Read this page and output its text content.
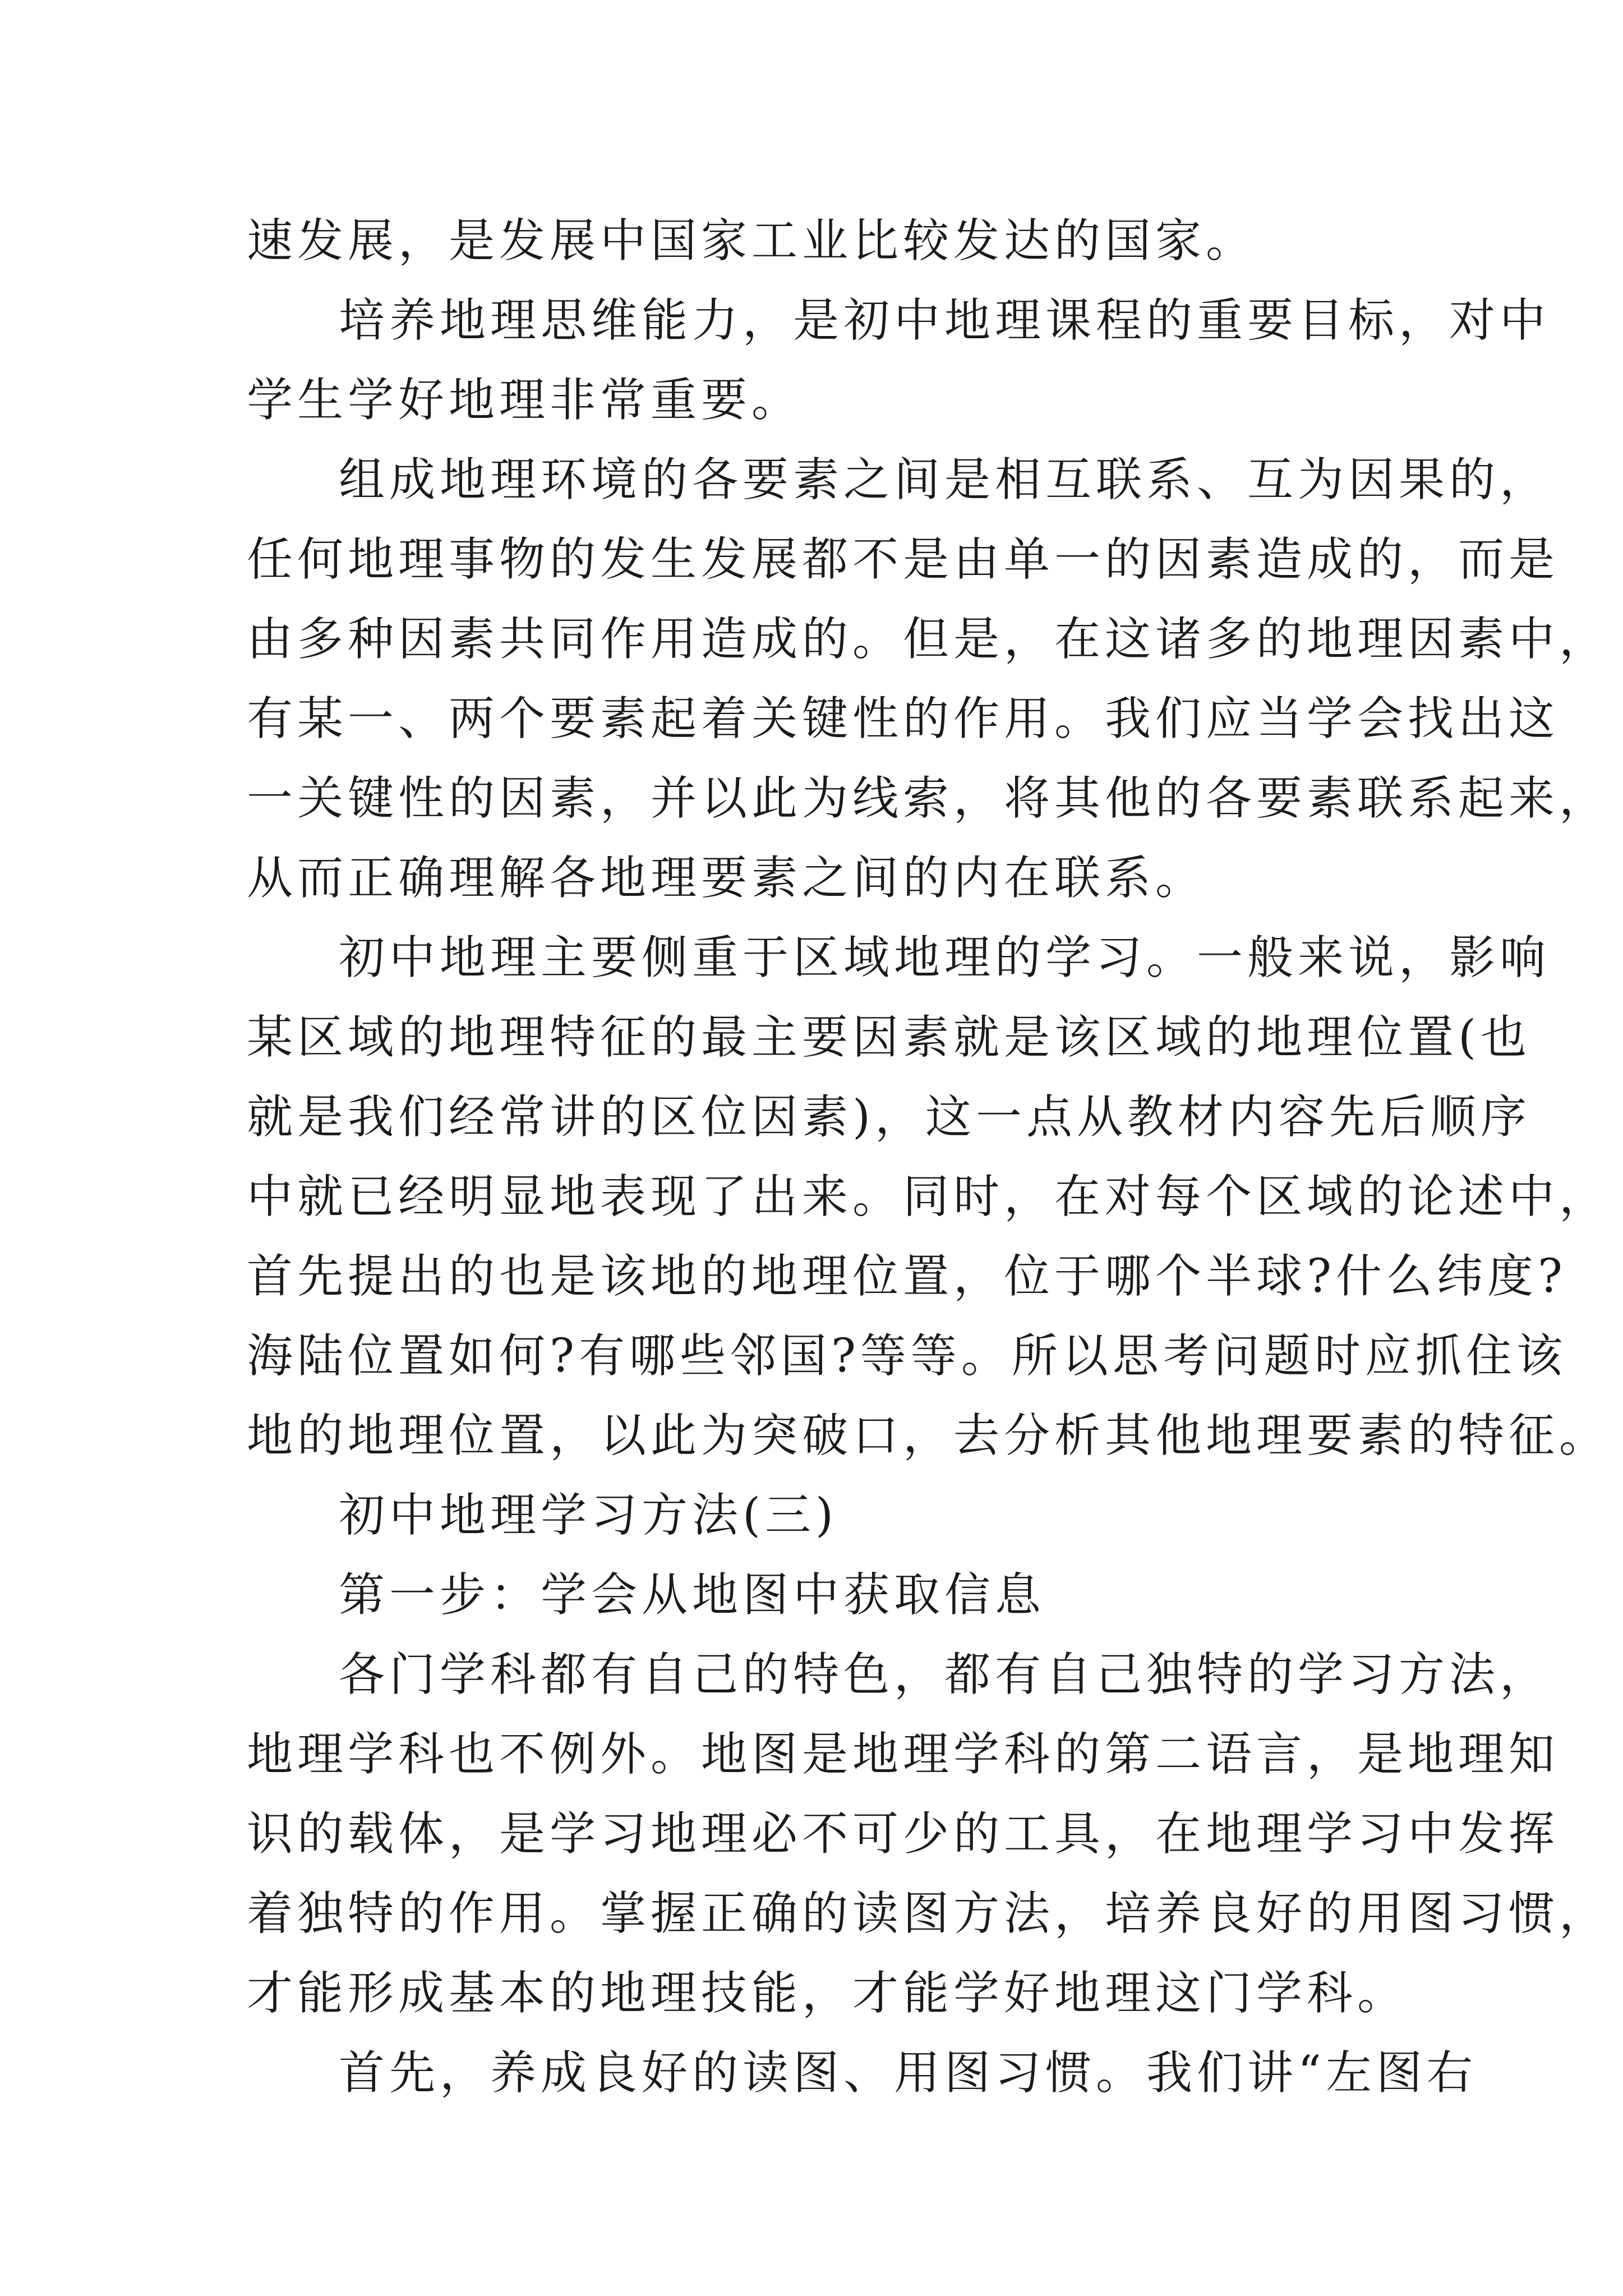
速发展，是发展中国家工业比较发达的国家。

培养地理思维能力，是初中地理课程的重要目标，对中

学生学好地理非常重要。

组成地理环境的各要素之间是相互联系、互为因果的，

任何地理事物的发生发展都不是由单一的因素造成的，而是

由多种因素共同作用造成的。但是，在这诸多的地理因素中，

有某一、两个要素起着关键性的作用。我们应当学会找出这

一关键性的因素，并以此为线索，将其他的各要素联系起来，

从而正确理解各地理要素之间的内在联系。

初中地理主要侧重于区域地理的学习。一般来说，影响

某区域的地理特征的最主要因素就是该区域的地理位置(也

就是我们经常讲的区位因素)，这一点从教材内容先后顺序

中就已经明显地表现了出来。同时，在对每个区域的论述中，

首先提出的也是该地的地理位置，位于哪个半球?什么纬度?

海陆位置如何?有哪些邻国?等等。所以思考问题时应抓住该

地的地理位置，以此为突破口，去分析其他地理要素的特征。

初中地理学习方法(三)

第一步：学会从地图中获取信息

各门学科都有自己的特色，都有自己独特的学习方法，

地理学科也不例外。地图是地理学科的第二语言，是地理知

识的载体，是学习地理必不可少的工具，在地理学习中发挥

着独特的作用。掌握正确的读图方法，培养良好的用图习惯，

才能形成基本的地理技能，才能学好地理这门学科。

首先，养成良好的读图、用图习惯。我们讲“左图右
